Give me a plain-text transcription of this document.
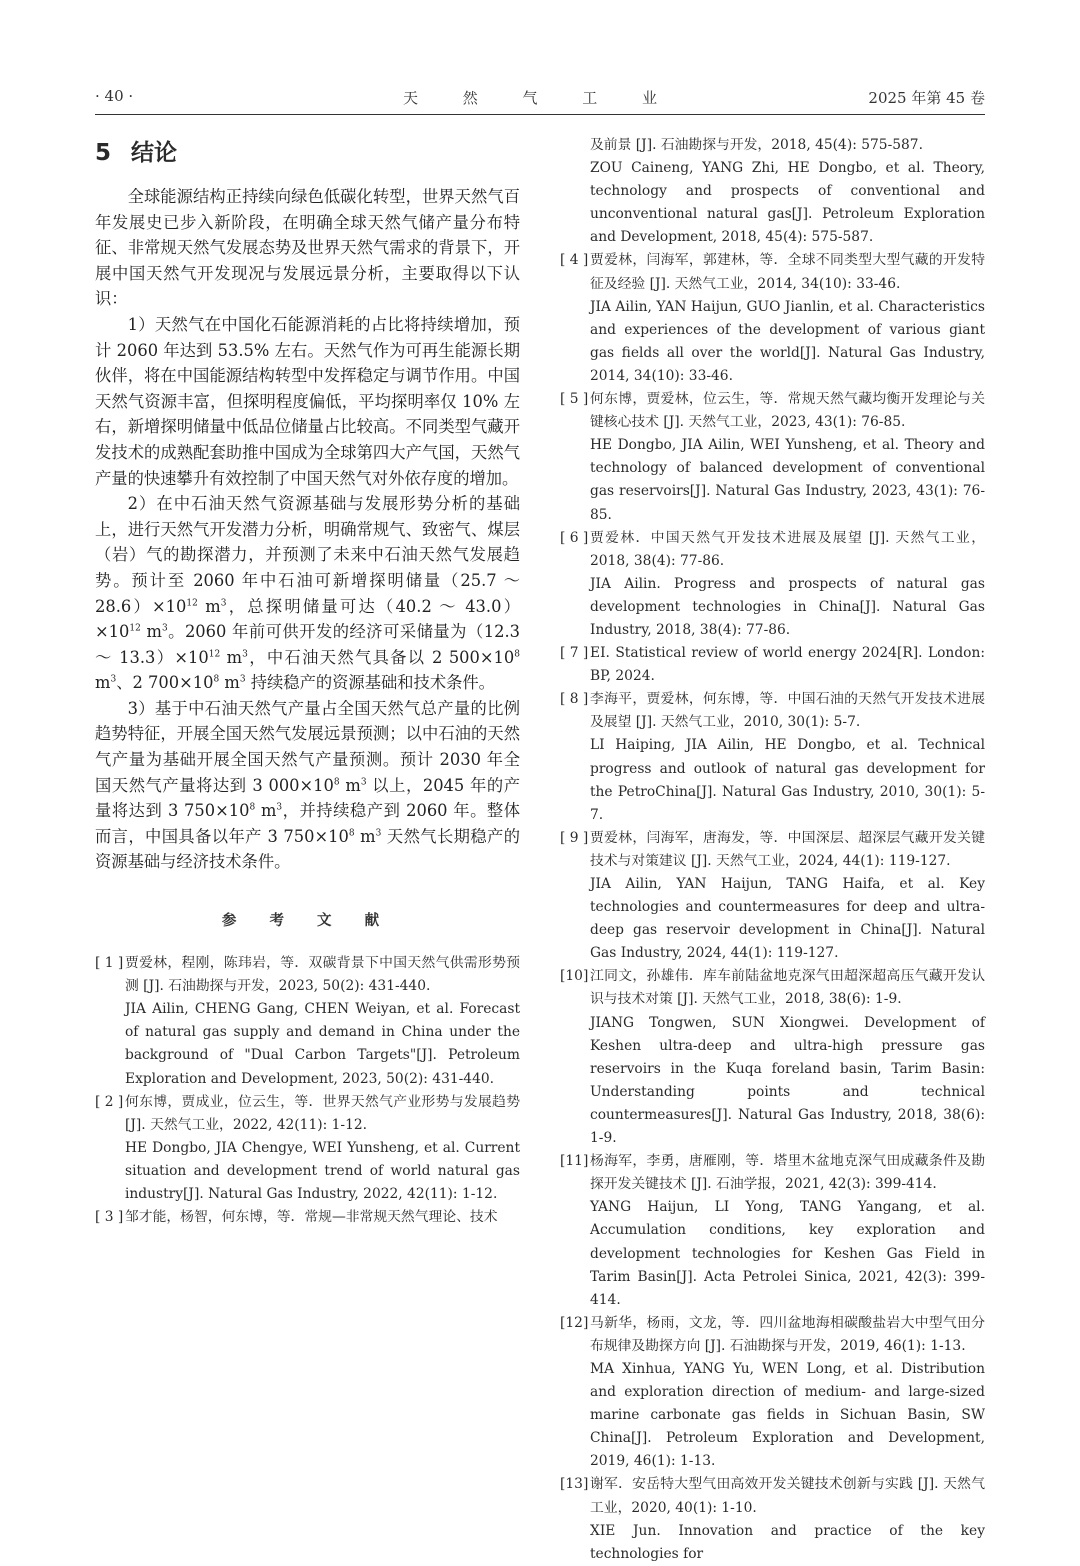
· 40 ·	天 然 气 工 业	2025 年第 45 卷
5 结论

全球能源结构正持续向绿色低碳化转型，世界天然气百年发展史已步入新阶段，在明确全球天然气储产量分布特征、非常规天然气发展态势及世界天然气需求的背景下，开展中国天然气开发现况与发展远景分析，主要取得以下认识：

1）天然气在中国化石能源消耗的占比将持续增加，预计 2060 年达到 53.5% 左右。天然气作为可再生能源长期伙伴，将在中国能源结构转型中发挥稳定与调节作用。中国天然气资源丰富，但探明程度偏低，平均探明率仅 10% 左右，新增探明储量中低品位储量占比较高。不同类型气藏开发技术的成熟配套助推中国成为全球第四大产气国，天然气产量的快速攀升有效控制了中国天然气对外依存度的增加。

2）在中石油天然气资源基础与发展形势分析的基础上，进行天然气开发潜力分析，明确常规气、致密气、煤层（岩）气的勘探潜力，并预测了未来中石油天然气发展趋势。预计至 2060 年中石油可新增探明储量（25.7 ～ $28.6)\times 10^{12}$ $m^3$，总探明储量可达（40.2 ～ $43.0)\times 10^{12}$ $m^3$。2060 年前可供开发的经济可采储量为（12.3 ～ $13.3)\times 10^{12}$ $m^3$，中石油天然气具备以 2 $500\times 10^8$ $m^3$、2 $700\times 10^8$ $m^3$ 持续稳产的资源基础和技术条件。

3）基于中石油天然气产量占全国天然气总产量的比例趋势特征，开展全国天然气发展远景预测；以中石油的天然气产量为基础开展全国天然气产量预测。预计 2030 年全国天然气产量将达到 3 $000\times 10^8$ $m^3$ 以上，2045 年的产量将达到 3 $750\times 10^8$ $m^3$，并持续稳产到 2060 年。整体而言，中国具备以年产 3 $750\times 10^8$ $m^3$ 天然气长期稳产的资源基础与经济技术条件。

参 考 文 献
[ 1 ] 贾爱林，程刚，陈玮岩，等．双碳背景下中国天然气供需形势预测 [J]. 石油勘探与开发，2023, 50(2): 431-440.
JIA Ailin, CHENG Gang, CHEN Weiyan, et al. Forecast of natural gas supply and demand in China under the background of "Dual Carbon Targets"[J]. Petroleum Exploration and Development, 2023, 50(2): 431-440.
[ 2 ] 何东博，贾成业，位云生，等．世界天然气产业形势与发展趋势 [J]. 天然气工业，2022, 42(11): 1-12.
HE Dongbo, JIA Chengye, WEI Yunsheng, et al. Current situation and development trend of world natural gas industry[J]. Natural Gas Industry, 2022, 42(11): 1-12.
[ 3 ] 邹才能，杨智，何东博，等．常规—非常规天然气理论、技术
及前景 [J]. 石油勘探与开发，2018, 45(4): 575-587.
ZOU Caineng, YANG Zhi, HE Dongbo, et al. Theory, technology and prospects of conventional and unconventional natural gas[J]. Petroleum Exploration and Development, 2018, 45(4): 575-587.
[ 4 ] 贾爱林，闫海军，郭建林，等．全球不同类型大型气藏的开发特征及经验 [J]. 天然气工业，2014, 34(10): 33-46.
JIA Ailin, YAN Haijun, GUO Jianlin, et al. Characteristics and experiences of the development of various giant gas fields all over the world[J]. Natural Gas Industry, 2014, 34(10): 33-46.
[ 5 ] 何东博，贾爱林，位云生，等．常规天然气藏均衡开发理论与关键核心技术 [J]. 天然气工业，2023, 43(1): 76-85.
HE Dongbo, JIA Ailin, WEI Yunsheng, et al. Theory and technology of balanced development of conventional gas reservoirs[J]. Natural Gas Industry, 2023, 43(1): 76-85.
[ 6 ] 贾爱林．中国天然气开发技术进展及展望 [J]. 天然气工业，2018, 38(4): 77-86.
JIA Ailin. Progress and prospects of natural gas development technologies in China[J]. Natural Gas Industry, 2018, 38(4): 77-86.
[ 7 ] EI. Statistical review of world energy 2024[R]. London: BP, 2024.
[ 8 ] 李海平，贾爱林，何东博，等．中国石油的天然气开发技术进展及展望 [J]. 天然气工业，2010, 30(1): 5-7.
LI Haiping, JIA Ailin, HE Dongbo, et al. Technical progress and outlook of natural gas development for the PetroChina[J]. Natural Gas Industry, 2010, 30(1): 5-7.
[ 9 ] 贾爱林，闫海军，唐海发，等．中国深层、超深层气藏开发关键技术与对策建议 [J]. 天然气工业，2024, 44(1): 119-127.
JIA Ailin, YAN Haijun, TANG Haifa, et al. Key technologies and countermeasures for deep and ultra-deep gas reservoir development in China[J]. Natural Gas Industry, 2024, 44(1): 119-127.
[10] 江同文，孙雄伟．库车前陆盆地克深气田超深超高压气藏开发认识与技术对策 [J]. 天然气工业，2018, 38(6): 1-9.
JIANG Tongwen, SUN Xiongwei. Development of Keshen ultra-deep and ultra-high pressure gas reservoirs in the Kuqa foreland basin, Tarim Basin: Understanding points and technical countermeasures[J]. Natural Gas Industry, 2018, 38(6): 1-9.
[11] 杨海军，李勇，唐雁刚，等．塔里木盆地克深气田成藏条件及勘探开发关键技术 [J]. 石油学报，2021, 42(3): 399-414.
YANG Haijun, LI Yong, TANG Yangang, et al. Accumulation conditions, key exploration and development technologies for Keshen Gas Field in Tarim Basin[J]. Acta Petrolei Sinica, 2021, 42(3): 399-414.
[12] 马新华，杨雨，文龙，等．四川盆地海相碳酸盐岩大中型气田分布规律及勘探方向 [J]. 石油勘探与开发，2019, 46(1): 1-13.
MA Xinhua, YANG Yu, WEN Long, et al. Distribution and exploration direction of medium- and large-sized marine carbonate gas fields in Sichuan Basin, SW China[J]. Petroleum Exploration and Development, 2019, 46(1): 1-13.
[13] 谢军．安岳特大型气田高效开发关键技术创新与实践 [J]. 天然气工业，2020, 40(1): 1-10.
XIE Jun. Innovation and practice of the key technologies for
